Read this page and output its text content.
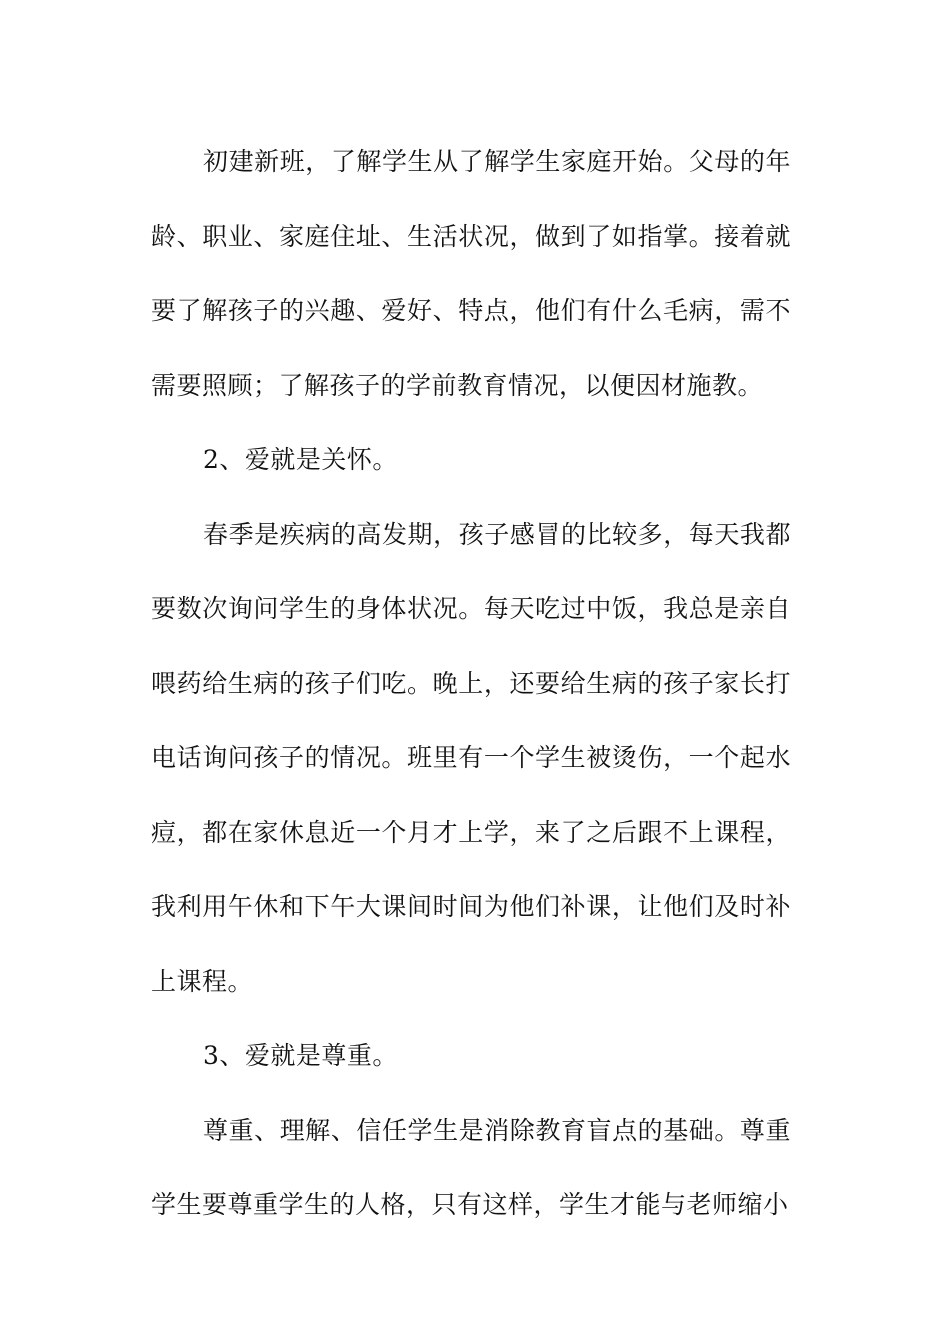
初建新班，了解学生从了解学生家庭开始。父母的年龄、职业、家庭住址、生活状况，做到了如指掌。接着就要了解孩子的兴趣、爱好、特点，他们有什么毛病，需不需要照顾；了解孩子的学前教育情况，以便因材施教。

2、爱就是关怀。

春季是疾病的高发期，孩子感冒的比较多，每天我都要数次询问学生的身体状况。每天吃过中饭，我总是亲自喂药给生病的孩子们吃。晚上，还要给生病的孩子家长打电话询问孩子的情况。班里有一个学生被烫伤，一个起水痘，都在家休息近一个月才上学，来了之后跟不上课程，我利用午休和下午大课间时间为他们补课，让他们及时补上课程。

3、爱就是尊重。

尊重、理解、信任学生是消除教育盲点的基础。尊重学生要尊重学生的人格，只有这样，学生才能与老师缩小
